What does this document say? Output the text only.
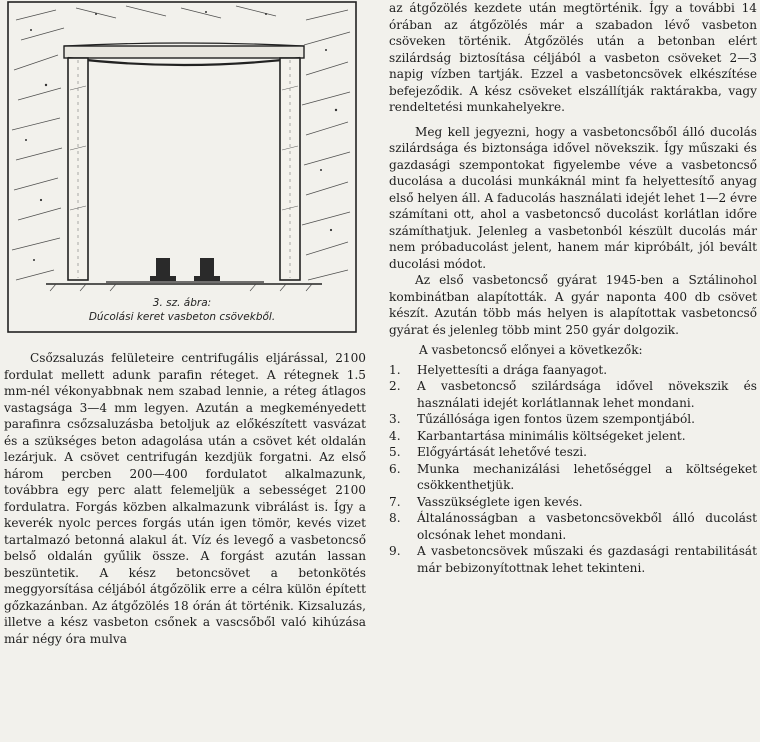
3. sz. ábra:
Dúcolási keret vasbeton csövekből.

Csőzsaluzás felületeire centrifugális eljárással, 2100 fordulat mellett adunk parafin réteget. A rétegnek 1.5 mm-nél vékonyabbnak nem szabad lennie, a réteg átlagos vastagsága 3—4 mm legyen. Azután a megkeményedett parafinra csőzsaluzásba betoljuk az előkészített vasvázat és a szükséges beton adagolása után a csövet két oldalán lezárjuk. A csövet centrifugán kezdjük forgatni. Az első három percben 200—400 fordulatot alkalmazunk, továbbra egy perc alatt felemeljük a sebességet 2100 fordulatra. Forgás közben alkalmazunk vibrálást is. Így a keverék nyolc perces forgás után igen tömör, kevés vizet tartalmazó betonná alakul át. Víz és levegő a vasbetoncső belső oldalán gyűlik össze. A forgást azután lassan beszüntetik. A kész betoncsövet a betonkötés meggyorsítása céljából átgőzölik erre a célra külön épített gőzkazánban. Az átgőzölés 18 órán át történik. Kizsaluzás, illetve a kész vasbeton csőnek a vascsőből való kihúzása már négy óra mulva

az átgőzölés kezdete után megtörténik. Így a további 14 órában az átgőzölés már a szabadon lévő vasbeton csöveken történik. Átgőzölés után a betonban elért szilárdság biztosítása céljából a vasbeton csöveket 2—3 napig vízben tartják. Ezzel a vasbetoncsövek elkészítése befejeződik. A kész csöveket elszállítják raktárakba, vagy rendeltetési munkahelyekre.

Meg kell jegyezni, hogy a vasbetoncsőből álló ducolás szilárdsága és biztonsága idővel növekszik. Így műszaki és gazdasági szempontokat figyelembe véve a vasbetoncső ducolása a ducolási munkáknál mint fa helyettesítő anyag első helyen áll. A faducolás használati idejét lehet 1—2 évre számítani ott, ahol a vasbetoncső ducolást korlátlan időre számíthatjuk. Jelenleg a vasbetonból készült ducolás már nem próbaducolást jelent, hanem már kipróbált, jól bevált ducolási módot.

Az első vasbetoncső gyárat 1945-ben a Sztálinohol kombinátban alapították. A gyár naponta 400 db csövet készít. Azután több más helyen is alapítottak vasbetoncső gyárat és jelenleg több mint 250 gyár dolgozik.

A vasbetoncső előnyei a következők:

1. Helyettesíti a drága faanyagot.
2. A vasbetoncső szilárdsága idővel növekszik és használati idejét korlátlannak lehet mondani.
3. Tűzállósága igen fontos üzem szempontjából.
4. Karbantartása minimális költségeket jelent.
5. Előgyártását lehetővé teszi.
6. Munka mechanizálási lehetőséggel a költségeket csökkenthetjük.
7. Vasszükséglete igen kevés.
8. Általánosságban a vasbetoncsövekből álló ducolást olcsónak lehet mondani.
9. A vasbetoncsövek műszaki és gazdasági rentabilitását már bebizonyítottnak lehet tekinteni.
